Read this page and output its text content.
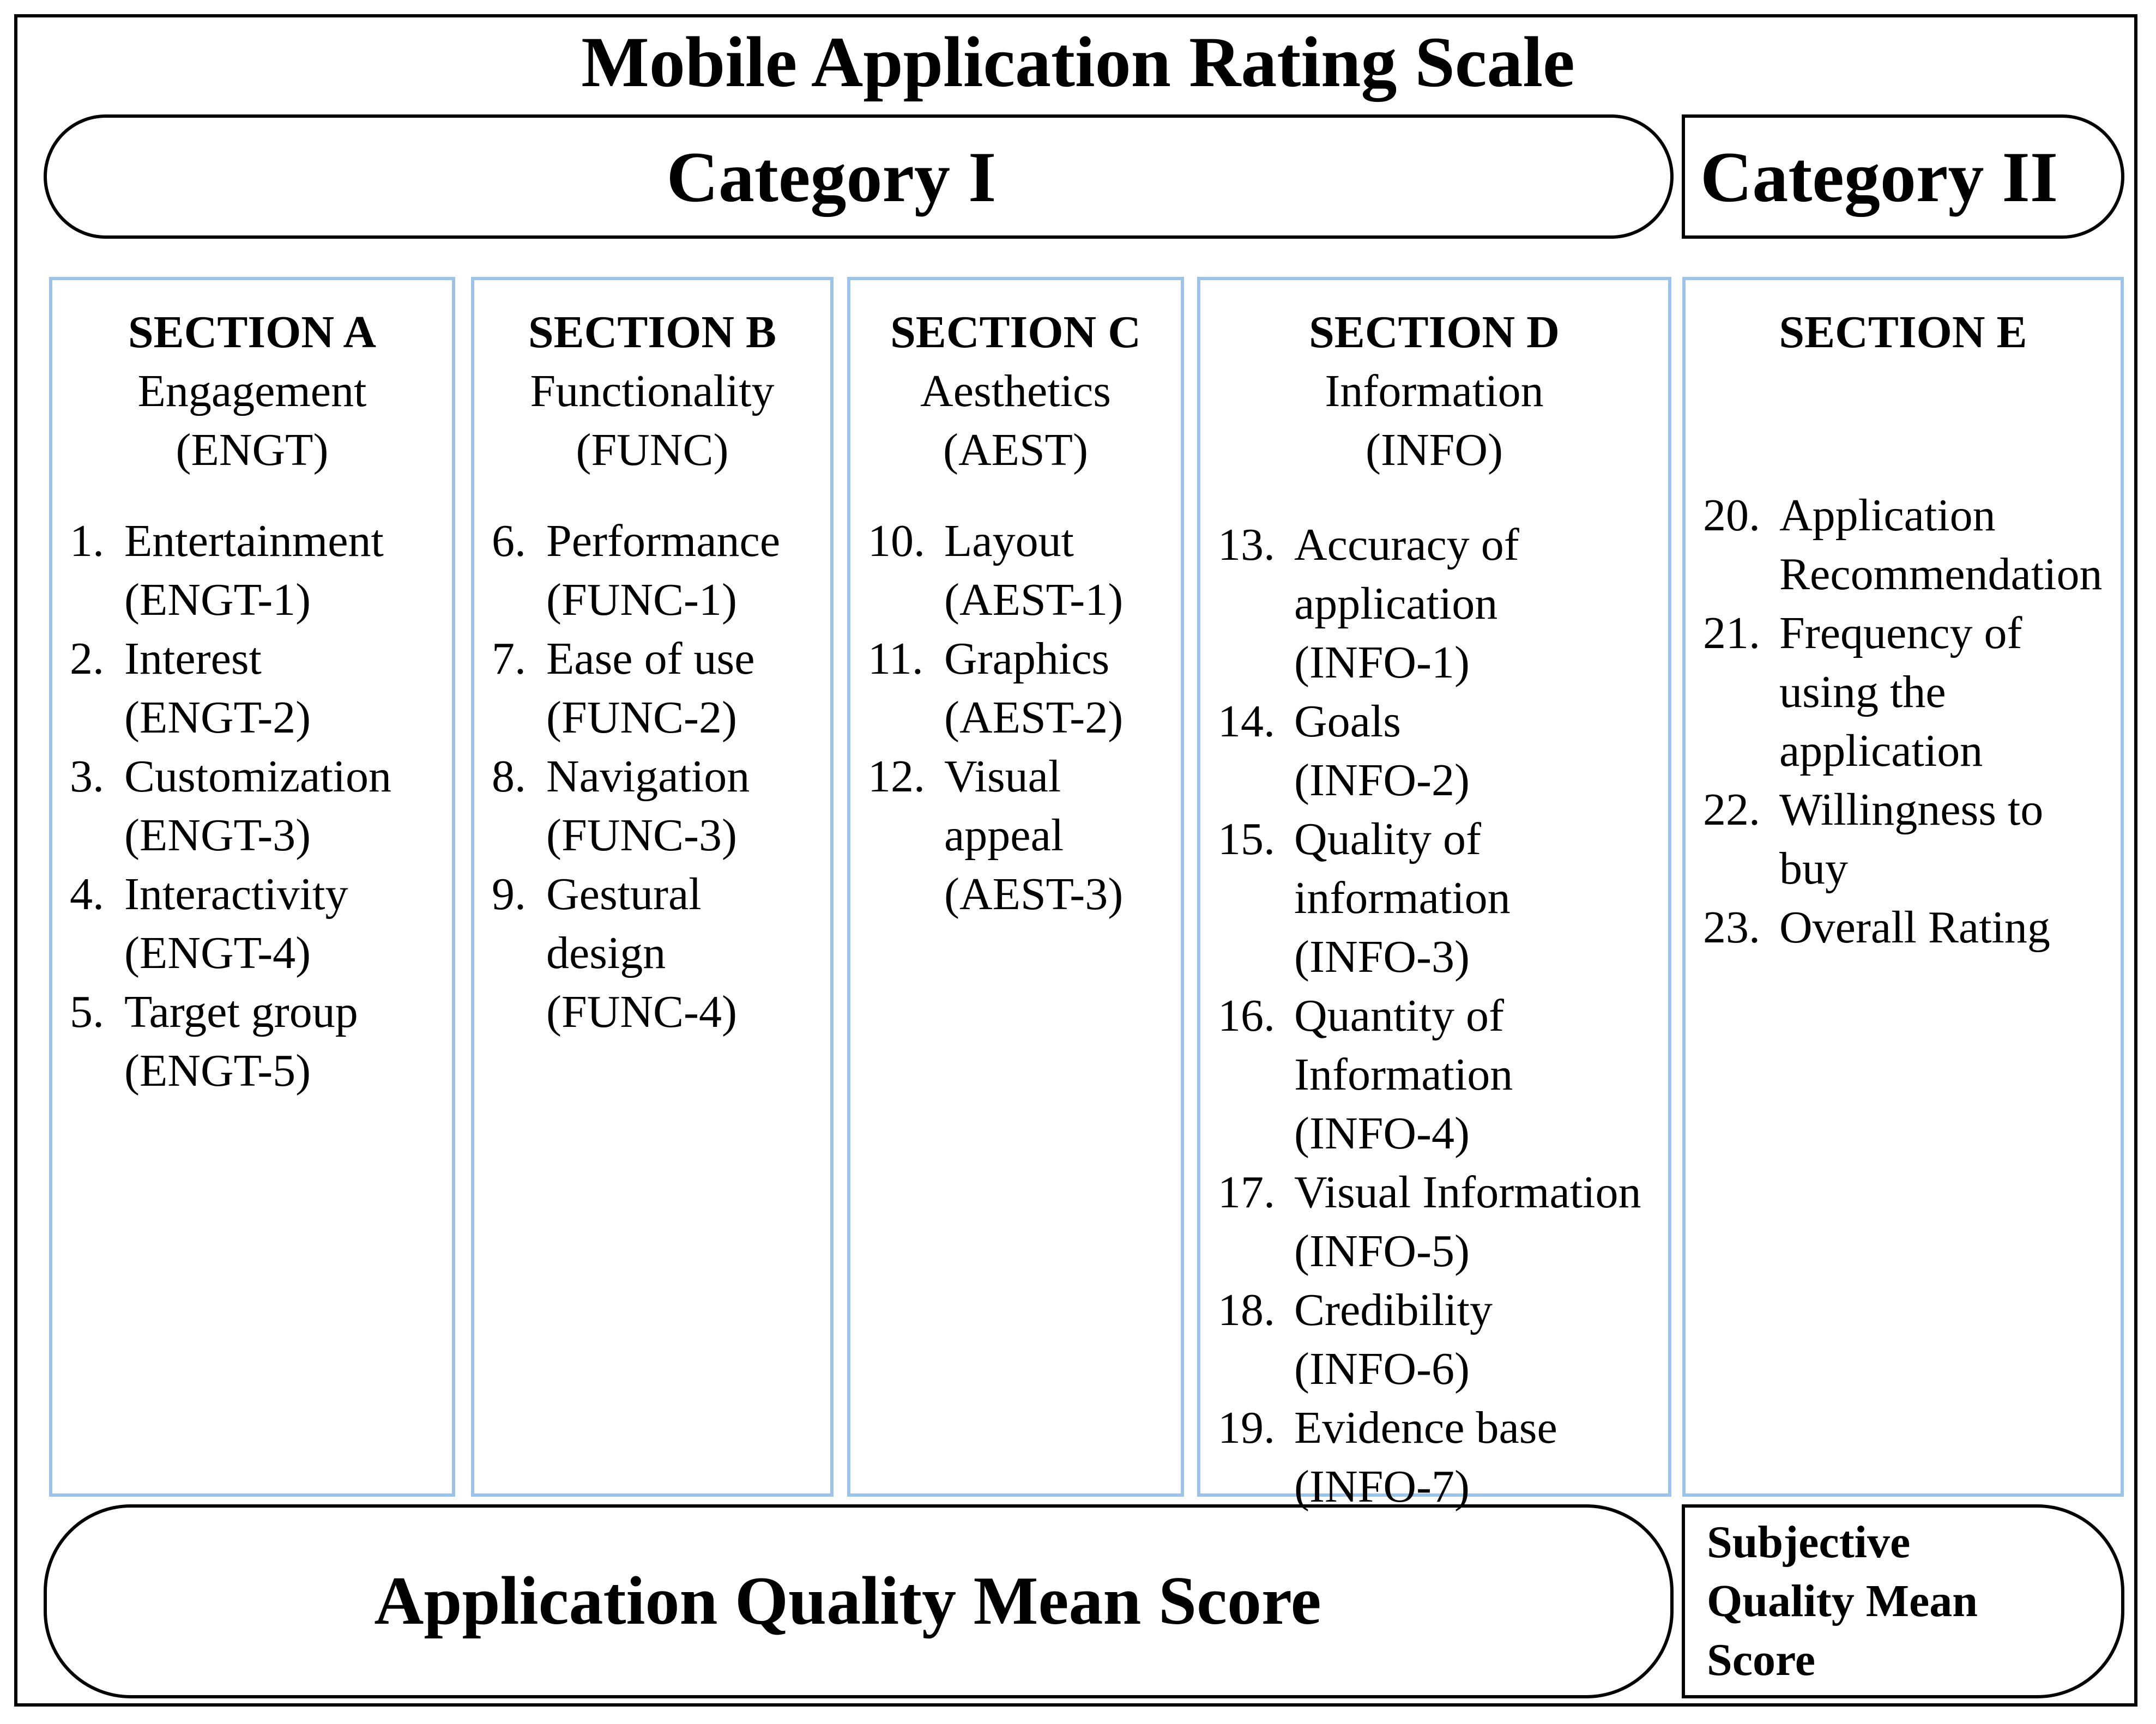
Mobile Application Rating Scale
Category I	Category II
SECTION A
Engagement
(ENGT)
1. Entertainment
(ENGT-1)
2. Interest
(ENGT-2)
3. Customization
(ENGT-3)
4. Interactivity
(ENGT-4)
5. Target group
(ENGT-5)
SECTION B
Functionality
(FUNC)
6. Performance
(FUNC-1)
7. Ease of use
(FUNC-2)
8. Navigation
(FUNC-3)
9. Gestural
design
(FUNC-4)
SECTION C
Aesthetics
(AEST)
10. Layout
(AEST-1)
11. Graphics
(AEST-2)
12. Visual
appeal
(AEST-3)
SECTION D
Information
(INFO)
13. Accuracy of
application
(INFO-1)
14. Goals
(INFO-2)
15. Quality of
information
(INFO-3)
16. Quantity of
Information
(INFO-4)
17. Visual Information
(INFO-5)
18. Credibility
(INFO-6)
19. Evidence base
(INFO-7)
SECTION E
20. Application
Recommendation
21. Frequency of
using the
application
22. Willingness to
buy
23. Overall Rating
Application Quality Mean Score
Subjective Quality Mean Score
